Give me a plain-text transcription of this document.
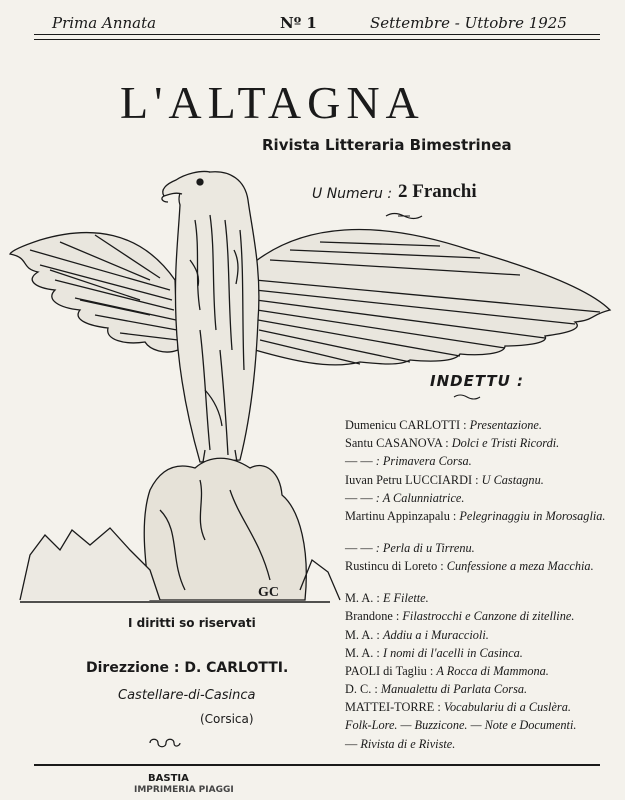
Prima Annata	Nº 1	Settembre - Uttobre 1925
L'ALTAGNA
Rivista Litteraria Bimestrinea
U Numeru : 2 Franchi
GC
INDETTU :
Dumenicu CARLOTTI : Presentazione.
Santu CASANOVA : Dolci e Tristi Ricordi.
— — : Primavera Corsa.
Iuvan Petru LUCCIARDI : U Castagnu.
— — : A Calunniatrice.
Martinu Appinzapalu : Pelegrinaggiu in Morosaglia.
— — : Perla di u Tirrenu.
Rustincu di Loreto : Cunfessione a meza Macchia.
M. A. : E Filette.
Brandone : Filastrocchi e Canzone di zitelline.
M. A. : Addiu a i Muraccioli.
M. A. : I nomi di l'acelli in Casinca.
PAOLI di Tagliu : A Rocca di Mammona.
D. C. : Manualettu di Parlata Corsa.
MATTEI-TORRE : Vocabulariu di a Cuslèra.
Folk-Lore. — Buzzicone. — Note e Documenti.
— Rivista di e Riviste.
I diritti so riservati
Direzzione : D. CARLOTTI.
Castellare-di-Casinca
(Corsica)
BASTIA
IMPRIMERIA PIAGGI
